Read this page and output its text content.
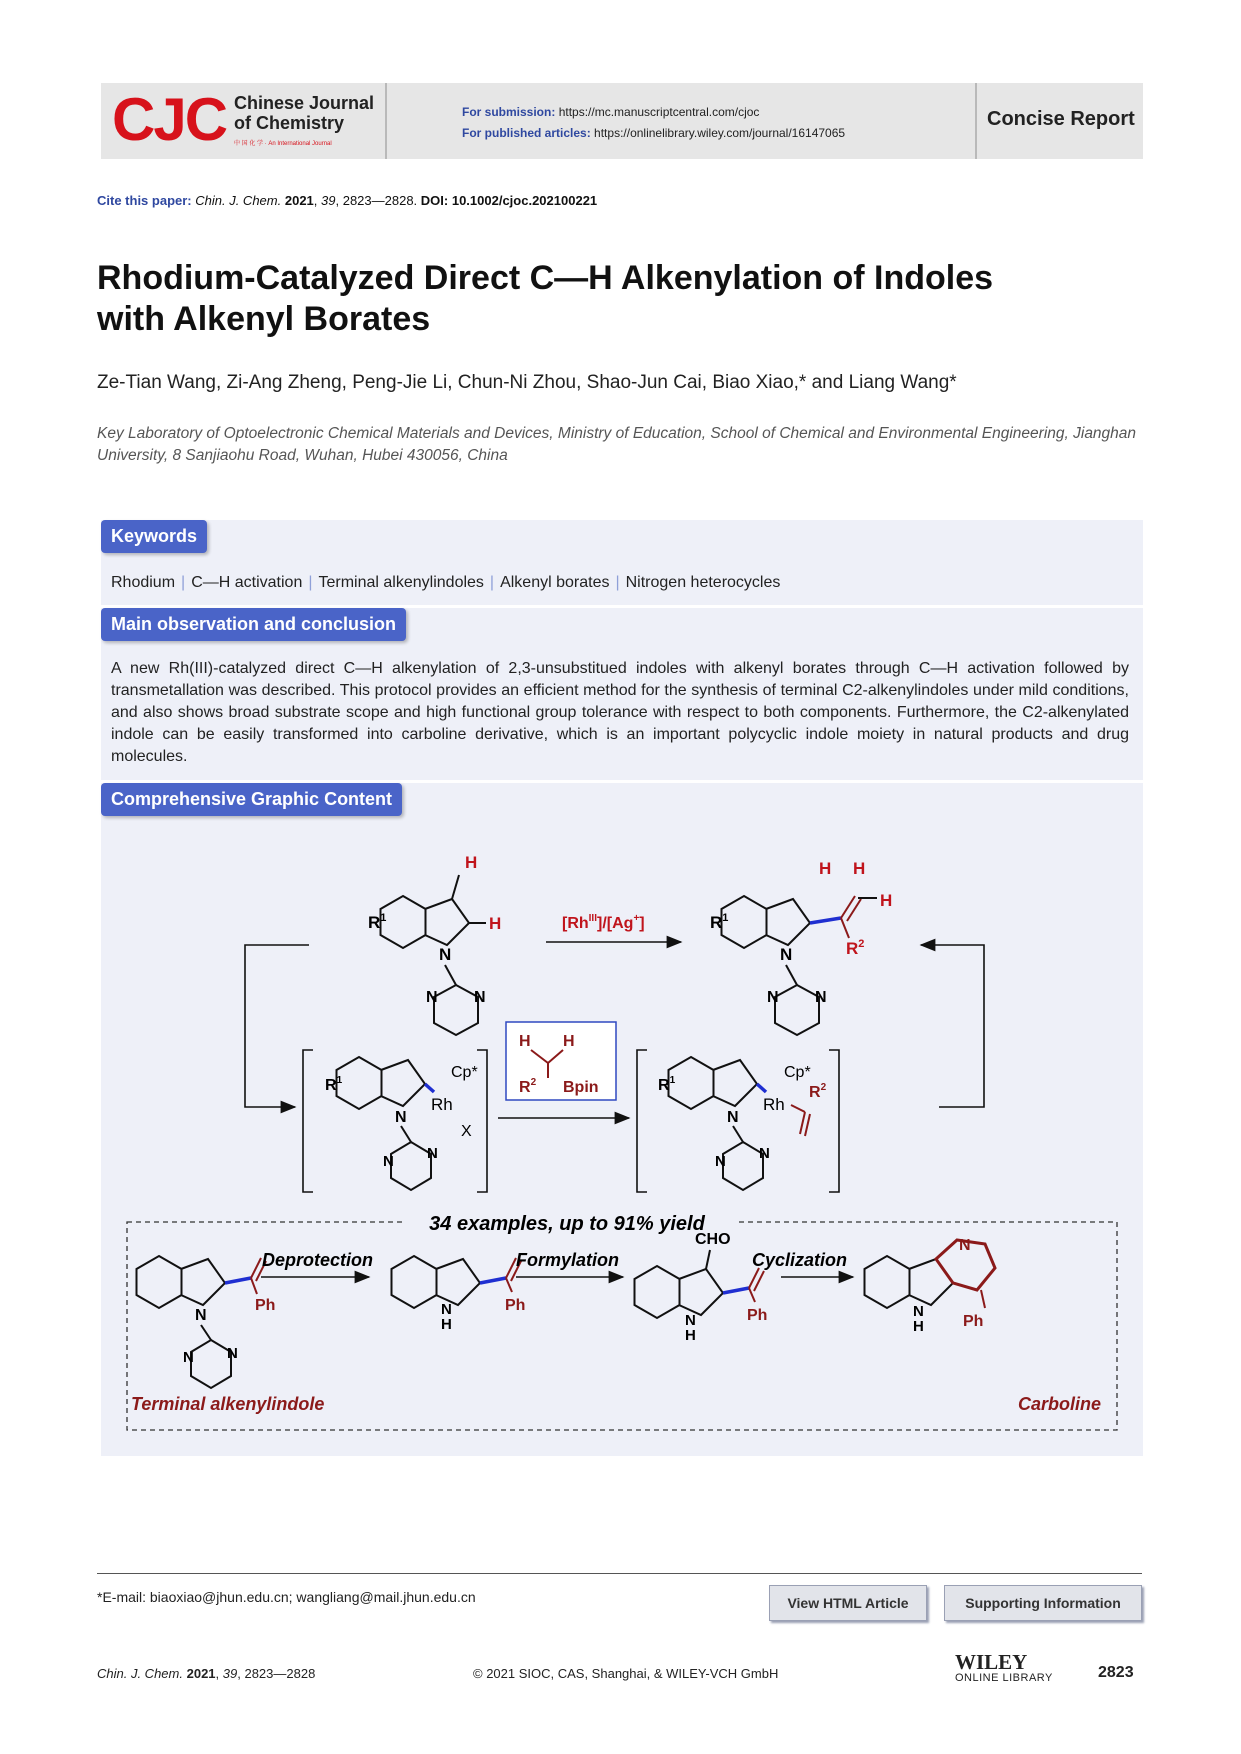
CJC Chinese Journal
of Chemistry
中 国 化 学 · An International Journal
For submission: https://mc.manuscriptcentral.com/cjoc
For published articles: https://onlinelibrary.wiley.com/journal/16147065
Concise Report
Cite this paper: Chin. J. Chem. 2021, 39, 2823—2828. DOI: 10.1002/cjoc.202100221
Rhodium-Catalyzed Direct C—H Alkenylation of Indoles
with Alkenyl Borates
Ze-Tian Wang, Zi-Ang Zheng, Peng-Jie Li, Chun-Ni Zhou, Shao-Jun Cai, Biao Xiao,* and Liang Wang*
Key Laboratory of Optoelectronic Chemical Materials and Devices, Ministry of Education, School of Chemical and Environmental Engineering, Jianghan University, 8 Sanjiaohu Road, Wuhan, Hubei 430056, China
Keywords
Rhodium | C—H activation | Terminal alkenylindoles | Alkenyl borates | Nitrogen heterocycles
Main observation and conclusion
A new Rh(III)-catalyzed direct C—H alkenylation of 2,3-unsubstitued indoles with alkenyl borates through C—H activation followed by transmetallation was described. This protocol provides an efficient method for the synthesis of terminal C2-alkenylindoles under mild conditions, and also shows broad substrate scope and high functional group tolerance with respect to both components. Furthermore, the C2-alkenylated indole can be easily transformed into carboline derivative, which is an important polycyclic indole moiety in natural products and drug molecules.
Comprehensive Graphic Content
H
H
N
$R^1$
N N
$[Rh^{III}]/[Ag^+]$
H H
H
$R^2$
N
$R^1$
N N
$R^1$
N
Rh
Cp*
X
N N
H H
$R^2$ Bpin	$R^1$
N
Rh
Cp*
$R^2$
N N
34 examples, up to 91% yield
Ph
N
N N
Terminal alkenylindole
Deprotection
Ph
N
H
Formylation
CHO
Ph
N
H
Cyclization
N
Ph
N
H
Carboline
*E-mail: biaoxiao@jhun.edu.cn; wangliang@mail.jhun.edu.cn	View HTML Article	Supporting Information
Chin. J. Chem. 2021, 39, 2823—2828	© 2021 SIOC, CAS, Shanghai, & WILEY-VCH GmbH	WILEY
ONLINE LIBRARY	2823
